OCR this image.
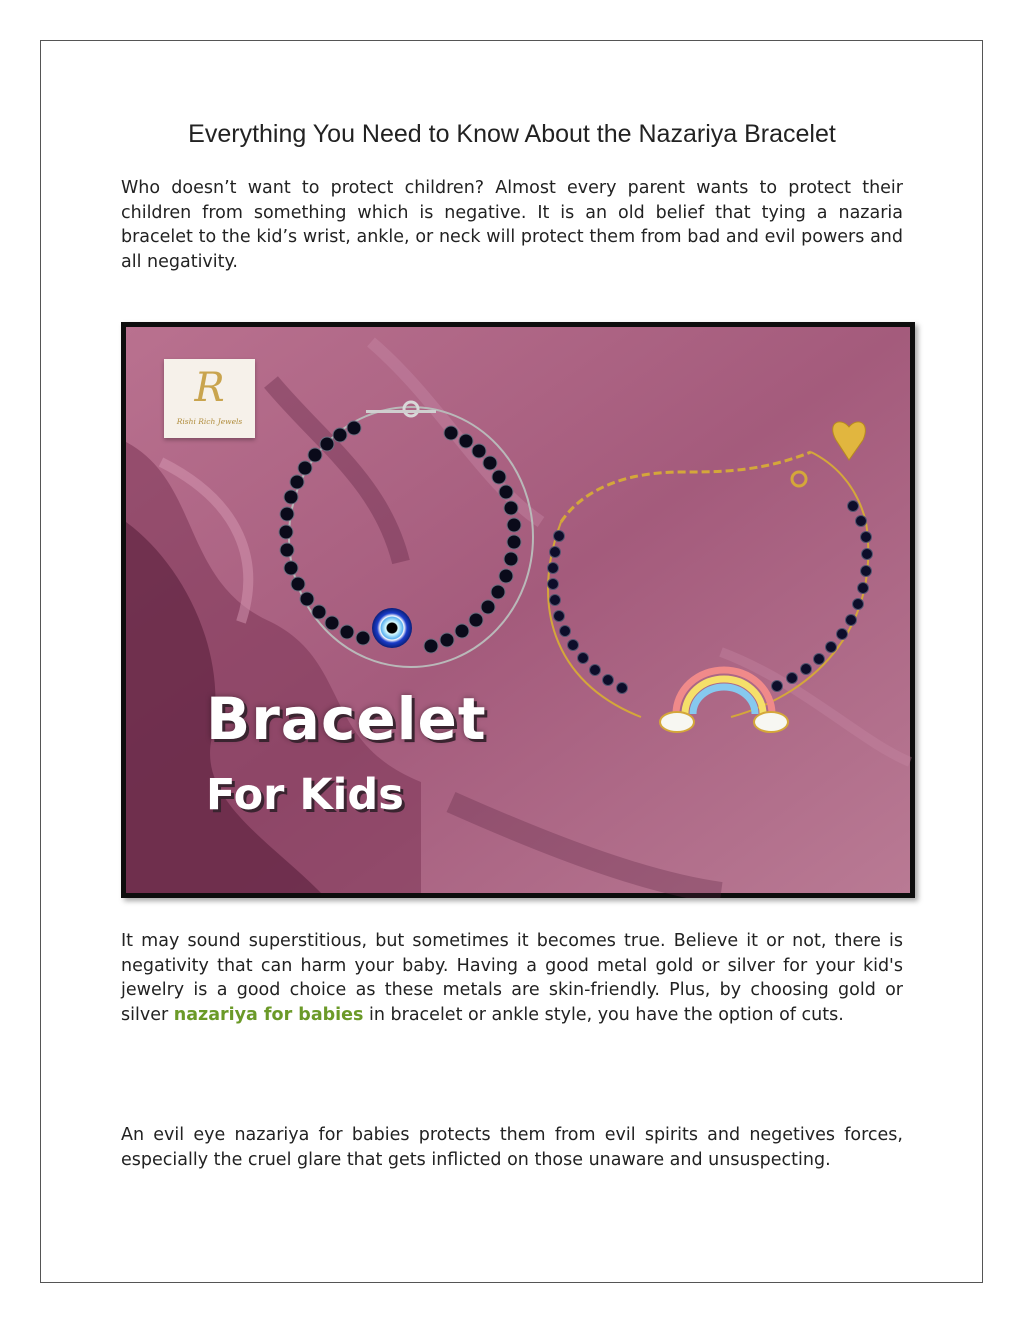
Everything You Need to Know About the Nazariya Bracelet

Who doesn’t want to protect children? Almost every parent wants to protect their children from something which is negative. It is an old belief that tying a nazaria bracelet to the kid’s wrist, ankle, or neck will protect them from bad and evil powers and all negativity.

R
Rishi Rich Jewels
Bracelet
For Kids

It may sound superstitious, but sometimes it becomes true. Believe it or not, there is negativity that can harm your baby. Having a good metal gold or silver for your kid's jewelry is a good choice as these metals are skin-friendly. Plus, by choosing gold or silver nazariya for babies in bracelet or ankle style, you have the option of cuts.

An evil eye nazariya for babies protects them from evil spirits and negetives forces, especially the cruel glare that gets inflicted on those unaware and unsuspecting.
